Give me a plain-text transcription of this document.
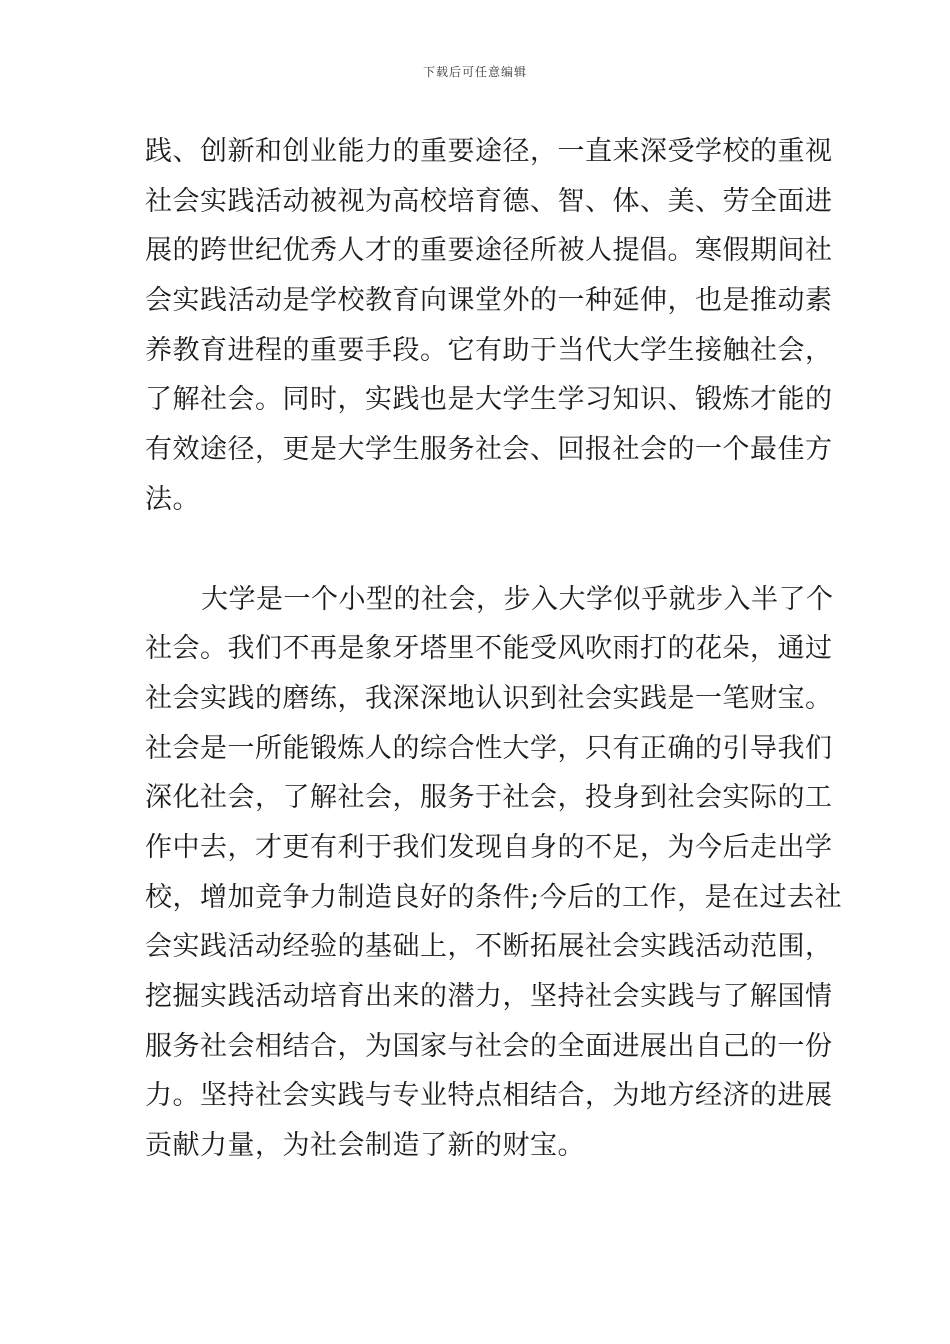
下载后可任意编辑
践、创新和创业能力的重要途径，一直来深受学校的重视
社会实践活动被视为高校培育德、智、体、美、劳全面进
展的跨世纪优秀人才的重要途径所被人提倡。寒假期间社
会实践活动是学校教育向课堂外的一种延伸，也是推动素
养教育进程的重要手段。它有助于当代大学生接触社会，
了解社会。同时，实践也是大学生学习知识、锻炼才能的
有效途径，更是大学生服务社会、回报社会的一个最佳方
法。
大学是一个小型的社会，步入大学似乎就步入半了个
社会。我们不再是象牙塔里不能受风吹雨打的花朵，通过
社会实践的磨练，我深深地认识到社会实践是一笔财宝。
社会是一所能锻炼人的综合性大学，只有正确的引导我们
深化社会，了解社会，服务于社会，投身到社会实际的工
作中去，才更有利于我们发现自身的不足，为今后走出学
校，增加竞争力制造良好的条件;今后的工作，是在过去社
会实践活动经验的基础上，不断拓展社会实践活动范围，
挖掘实践活动培育出来的潜力，坚持社会实践与了解国情
服务社会相结合，为国家与社会的全面进展出自己的一份
力。坚持社会实践与专业特点相结合，为地方经济的进展
贡献力量，为社会制造了新的财宝。
